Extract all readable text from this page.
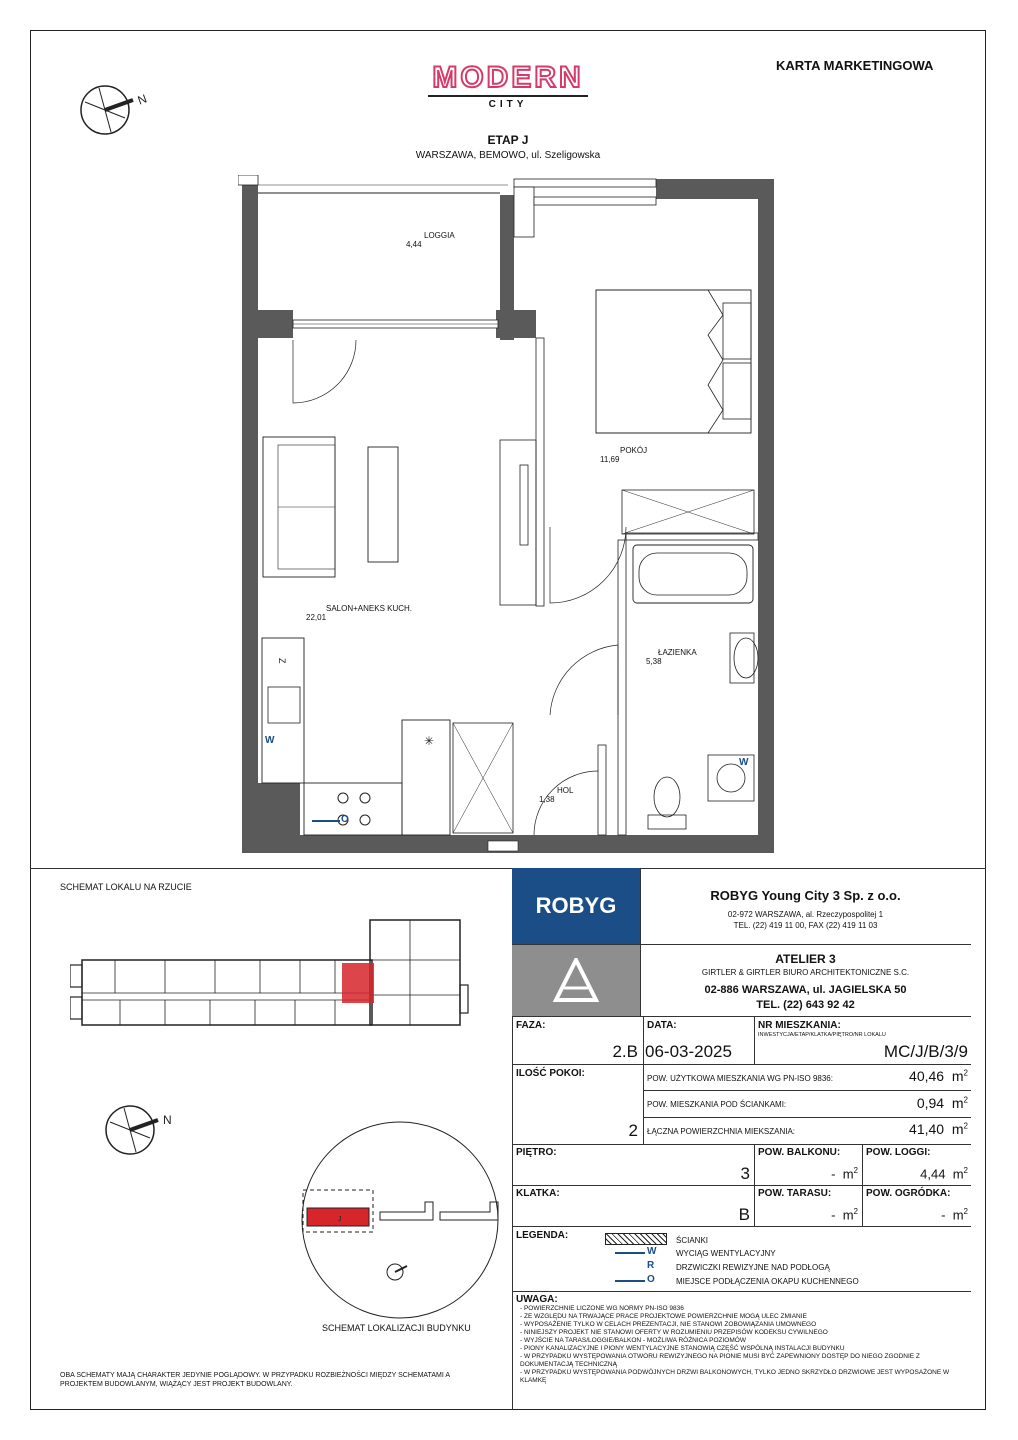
KARTA MARKETINGOWA
N
MODERN
CITY
ETAP J
WARSZAWA, BEMOWO, ul. Szeligowska
Z
✳
LOGGIA
4,44
POKÓJ
11,69
SALON+ANEKS KUCH.
22,01
ŁAZIENKA
5,38
HOL
1,38
W
W
O
SCHEMAT LOKALU NA RZUCIE
N
J
SCHEMAT LOKALIZACJI BUDYNKU
OBA SCHEMATY MAJĄ CHARAKTER JEDYNIE POGLĄDOWY. W PRZYPADKU ROZBIEŻNOŚCI MIĘDZY SCHEMATAMI A PROJEKTEM BUDOWLANYM, WIĄŻĄCY JEST PROJEKT BUDOWLANY.
ROBYG	ROBYG Young City 3 Sp. z o.o.
02-972 WARSZAWA, al. Rzeczypospolitej 1
TEL. (22) 419 11 00, FAX (22) 419 11 03
ATELIER 3
GIRTLER & GIRTLER BIURO ARCHITEKTONICZNE S.C.
02-886 WARSZAWA, ul. JAGIELSKA 50
TEL. (22) 643 92 42
FAZA:
2.B
DATA:
06-03-2025
NR MIESZKANIA:
INWESTYCJA/ETAP/KLATKA/PIĘTRO/NR LOKALU
MC/J/B/3/9
ILOŚĆ POKOI:
2
POW. UŻYTKOWA MIESZKANIA WG PN-ISO 9836:	40,46 $m^2$
POW. MIESZKANIA POD ŚCIANKAMI:	0,94 $m^2$
ŁĄCZNA POWIERZCHNIA MIEKSZANIA:	41,40 $m^2$
PIĘTRO:
3
POW. BALKONU:
- $m^2$
POW. LOGGI:
4,44 $m^2$
KLATKA:
B
POW. TARASU:
- $m^2$
POW. OGRÓDKA:
- $m^2$
LEGENDA:	ŚCIANKI
W WYCIĄG WENTYLACYJNY
R	DRZWICZKI REWIZYJNE NAD PODŁOGĄ
O	MIEJSCE PODŁĄCZENIA OKAPU KUCHENNEGO
UWAGA:
- POWIERZCHNIE LICZONE WG NORMY PN-ISO 9836
- ZE WZGLĘDU NA TRWAJĄCE PRACE PROJEKTOWE POWIERZCHNIE MOGĄ ULEC ZMIANIE
- WYPOSAŻENIE TYLKO W CELACH PREZENTACJI, NIE STANOWI ZOBOWIĄZANIA UMOWNEGO
- NINIEJSZY PROJEKT NIE STANOWI OFERTY W ROZUMIENIU PRZEPISÓW KODEKSU CYWILNEGO
- WYJŚCIE NA TARAS/LOGGIE/BALKON - MOŻLIWA RÓŻNICA POZIOMÓW
- PIONY KANALIZACYJNE I PIONY WENTYLACYJNE STANOWIĄ CZĘŚĆ WSPÓLNĄ INSTALACJI BUDYNKU
- W PRZYPADKU WYSTĘPOWANIA OTWORU REWIZYJNEGO NA PIONIE MUSI BYĆ ZAPEWNIONY DOSTĘP DO NIEGO ZGODNIE Z DOKUMENTACJĄ TECHNICZNĄ
- W PRZYPADKU WYSTĘPOWANIA PODWÓJNYCH DRZWI BALKONOWYCH, TYLKO JEDNO SKRZYDŁO DRZWIOWE JEST WYPOSAŻONE W KLAMKĘ
